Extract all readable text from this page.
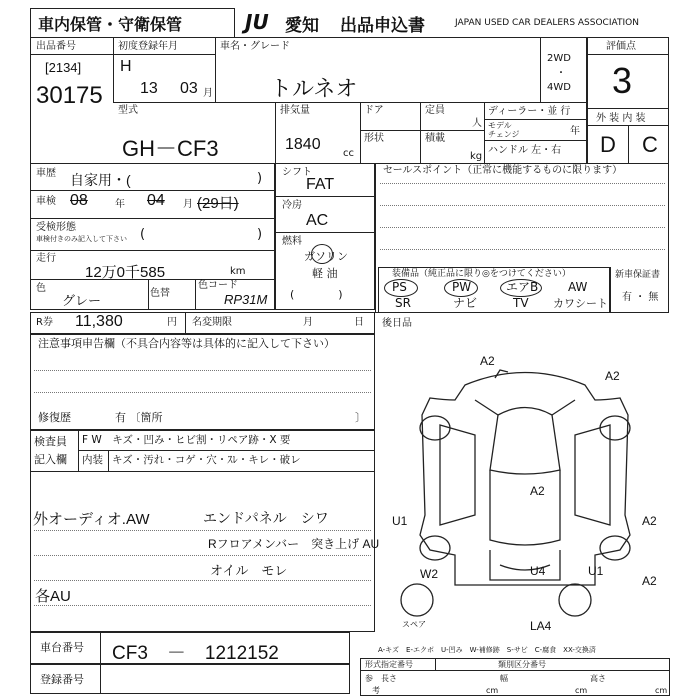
車内保管・守衛保管	JU 愛知 出品申込書	JAPAN USED CAR DEALERS ASSOCIATION
出品番号
[2134]
30175
初度登録年月
H
13 03 月
車名・グレード
トルネオ
2WD
・
4WD
評価点
3
外 装 内 装
D C
型式
GH－CF3
排気量
1840
cc
ドア
形状
定員
人
積載
kg
ディーラー・並 行
モデル
チェンジ	年
ハンドル 左・右
車歴 自家用・(	)
車検 08	年 04 月 (29日)
受検形態
車検付きのみ記入して下さい (	)
走行
12万0千585	km
色
グレー	色替
色コード
RP31M
シフト
FAT
冷房
AC
燃料
ガソリン
軽 油
(　　　　)
セールスポイント（正常に機能するものに限ります）
装備品（純正品に限り◎をつけてください）
PS	PW	エアB AW
SR	ナビ	TV カワシート
新車保証書
有 ・ 無
R券 11,380	円 名変期限	月	日 後日品
注意事項申告欄（不具合内容等は具体的に記入して下さい）
修復歴	有 〔箇所	〕
検査員
記入欄
F W　キズ・凹み・ヒビ割・リペア跡・X 要
内装 キズ・汚れ・コゲ・穴・ｽﾚ・キレ・破レ
外オーディオ.AW	エンドパネル　シワ
Rフロアメンバー　突き上げ AU
オイル　モレ
各AU
A2
A2
U1
A2
W2	U4	U1
A2
A2
LA4
スペア
A-キズ　E-エクボ　U-凹み　W-補修跡　S-サビ　C-腐食　XX-交換済
車台番号 CF3　－　1212152
登録番号
形式指定番号	類別区分番号
参　長さ
cm
幅
cm
高さ
cm
考
